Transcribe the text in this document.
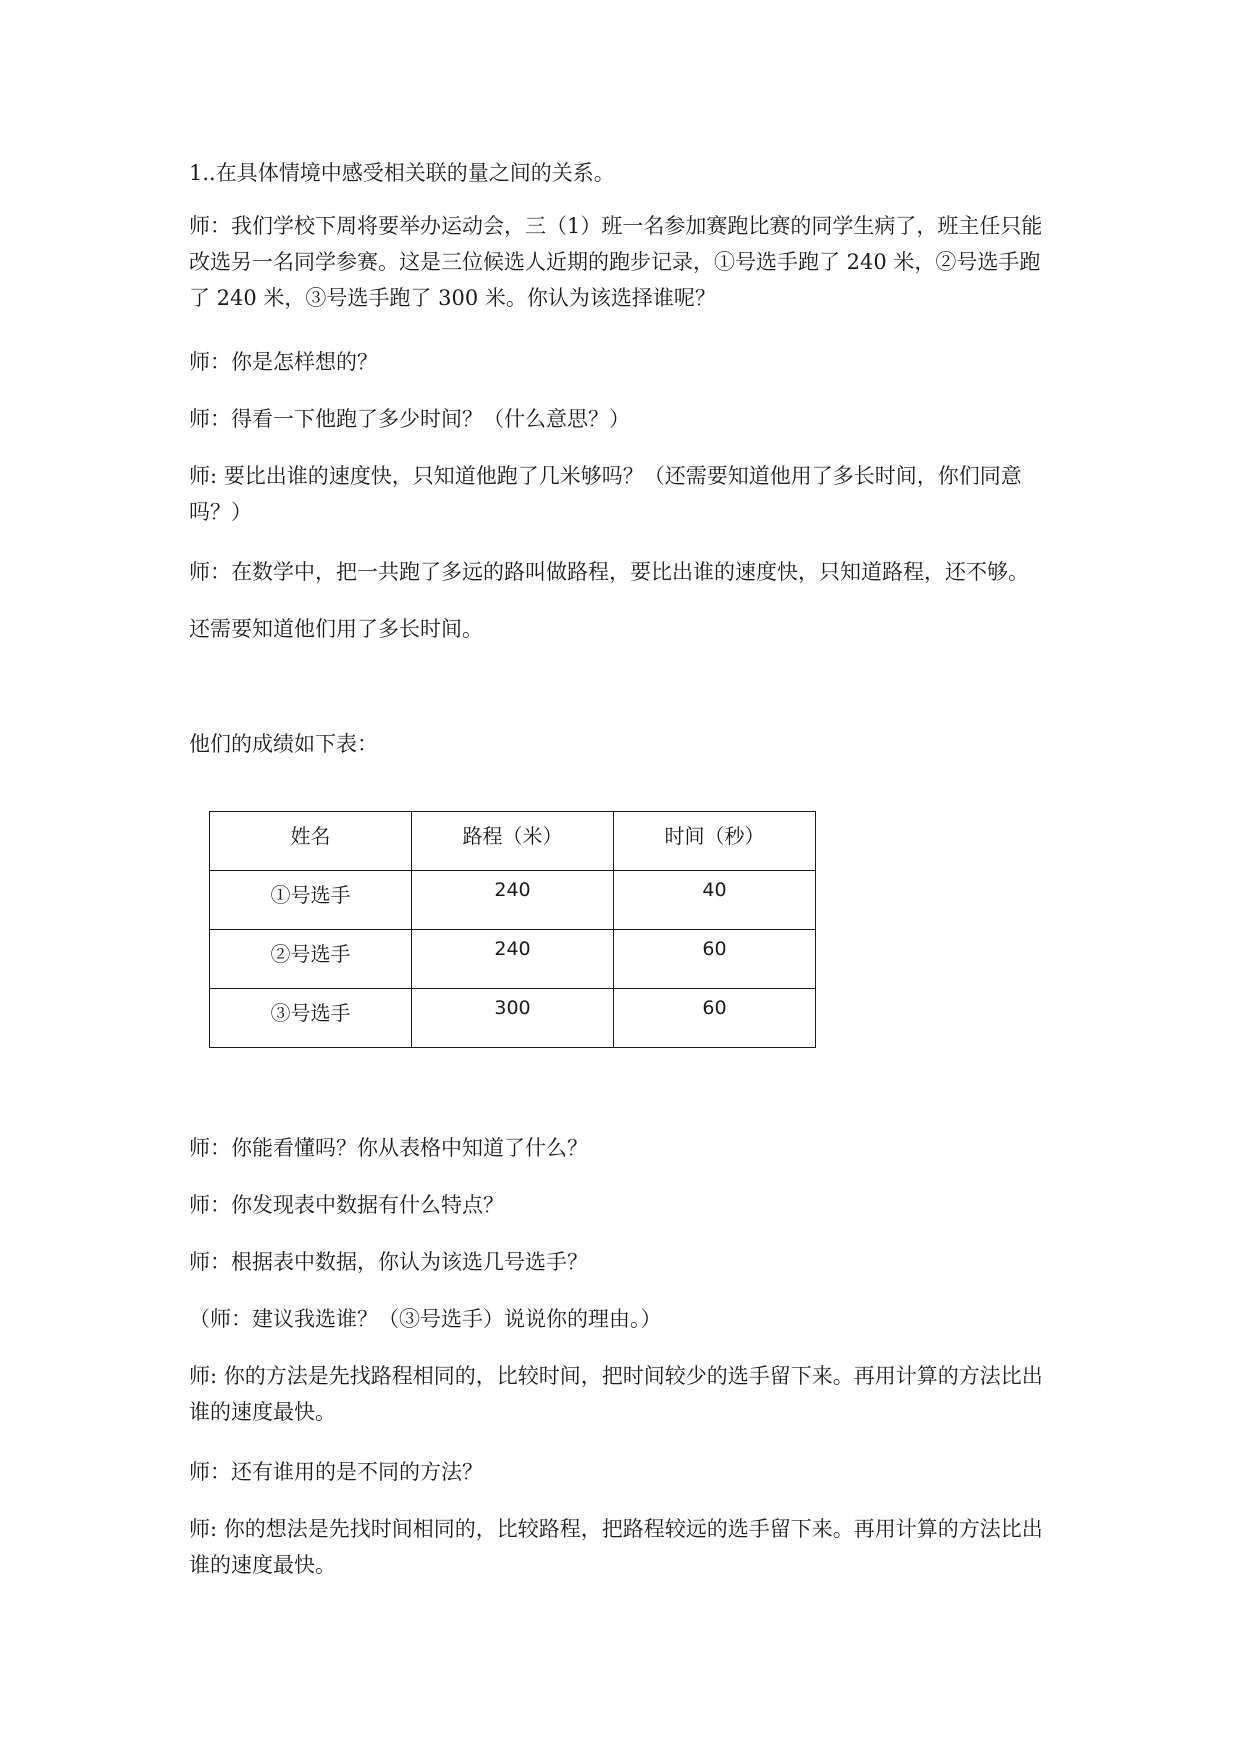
1..在具体情境中感受相关联的量之间的关系。

师：我们学校下周将要举办运动会，三（1）班一名参加赛跑比赛的同学生病了，班主任只能改选另一名同学参赛。这是三位候选人近期的跑步记录，①号选手跑了 240 米，②号选手跑了 240 米，③号选手跑了 300 米。你认为该选择谁呢？

师：你是怎样想的？

师：得看一下他跑了多少时间？（什么意思？）

师: 要比出谁的速度快，只知道他跑了几米够吗？（还需要知道他用了多长时间，你们同意吗？）

师：在数学中，把一共跑了多远的路叫做路程，要比出谁的速度快，只知道路程，还不够。

还需要知道他们用了多长时间。

他们的成绩如下表：

姓名	路程（米）	时间（秒）
①号选手	240	40
②号选手	240	60
③号选手	300	60

师：你能看懂吗？你从表格中知道了什么？

师：你发现表中数据有什么特点？

师：根据表中数据，你认为该选几号选手？

（师：建议我选谁？（③号选手）说说你的理由。）

师: 你的方法是先找路程相同的，比较时间，把时间较少的选手留下来。再用计算的方法比出谁的速度最快。

师：还有谁用的是不同的方法？

师: 你的想法是先找时间相同的，比较路程，把路程较远的选手留下来。再用计算的方法比出谁的速度最快。
